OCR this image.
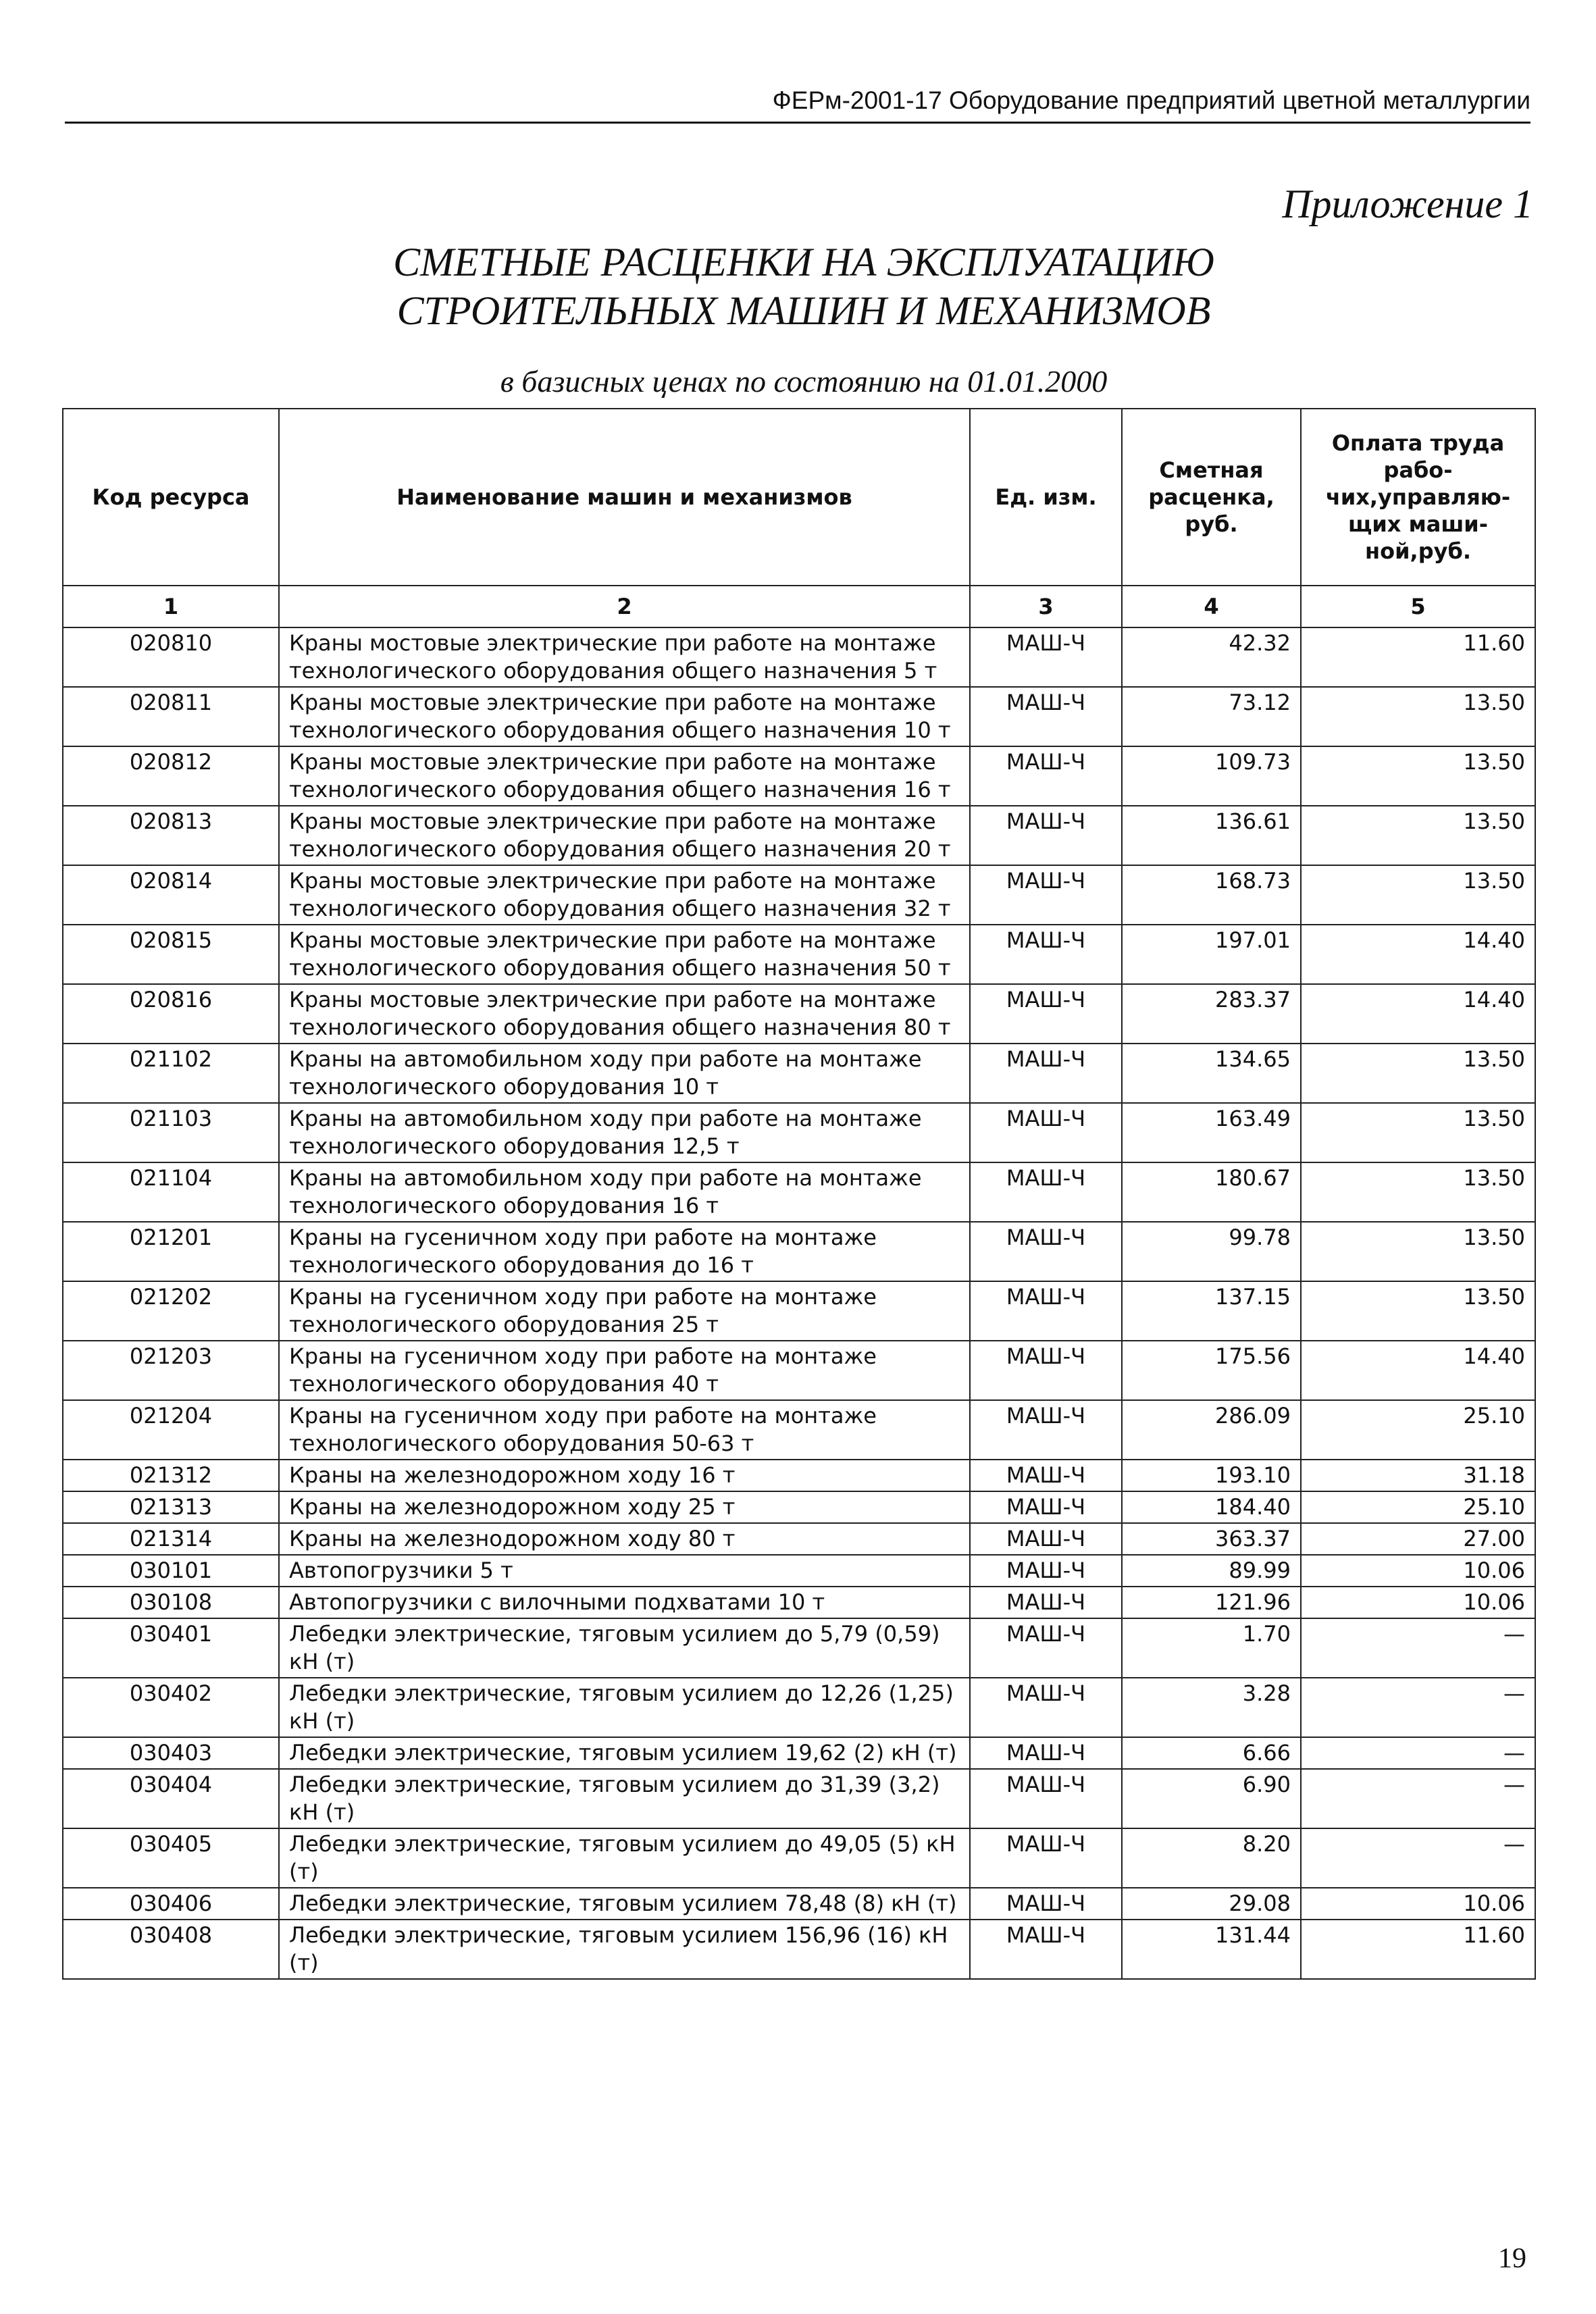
ФЕРм-2001-17 Оборудование предприятий цветной металлургии
Приложение 1
СМЕТНЫЕ РАСЦЕНКИ НА ЭКСПЛУАТАЦИЮ
СТРОИТЕЛЬНЫХ МАШИН И МЕХАНИЗМОВ
в базисных ценах по состоянию на 01.01.2000
Код ресурса	Наименование машин и механизмов	Ед. изм.	Сметная расценка, руб.	Оплата труда рабо-чих,управляю-щих маши-ной,руб.
1	2	3	4	5
020810	Краны мостовые электрические при работе на монтаже технологического оборудования общего назначения 5 т	МАШ-Ч	42.32	11.60
020811	Краны мостовые электрические при работе на монтаже технологического оборудования общего назначения 10 т	МАШ-Ч	73.12	13.50
020812	Краны мостовые электрические при работе на монтаже технологического оборудования общего назначения 16 т	МАШ-Ч	109.73	13.50
020813	Краны мостовые электрические при работе на монтаже технологического оборудования общего назначения 20 т	МАШ-Ч	136.61	13.50
020814	Краны мостовые электрические при работе на монтаже технологического оборудования общего назначения 32 т	МАШ-Ч	168.73	13.50
020815	Краны мостовые электрические при работе на монтаже технологического оборудования общего назначения 50 т	МАШ-Ч	197.01	14.40
020816	Краны мостовые электрические при работе на монтаже технологического оборудования общего назначения 80 т	МАШ-Ч	283.37	14.40
021102	Краны на автомобильном ходу при работе на монтаже технологического оборудования 10 т	МАШ-Ч	134.65	13.50
021103	Краны на автомобильном ходу при работе на монтаже технологического оборудования 12,5 т	МАШ-Ч	163.49	13.50
021104	Краны на автомобильном ходу при работе на монтаже технологического оборудования 16 т	МАШ-Ч	180.67	13.50
021201	Краны на гусеничном ходу при работе на монтаже технологического оборудования до 16 т	МАШ-Ч	99.78	13.50
021202	Краны на гусеничном ходу при работе на монтаже технологического оборудования 25 т	МАШ-Ч	137.15	13.50
021203	Краны на гусеничном ходу при работе на монтаже технологического оборудования 40 т	МАШ-Ч	175.56	14.40
021204	Краны на гусеничном ходу при работе на монтаже технологического оборудования 50-63 т	МАШ-Ч	286.09	25.10
021312	Краны на железнодорожном ходу 16 т	МАШ-Ч	193.10	31.18
021313	Краны на железнодорожном ходу 25 т	МАШ-Ч	184.40	25.10
021314	Краны на железнодорожном ходу 80 т	МАШ-Ч	363.37	27.00
030101	Автопогрузчики 5 т	МАШ-Ч	89.99	10.06
030108	Автопогрузчики с вилочными подхватами 10 т	МАШ-Ч	121.96	10.06
030401	Лебедки электрические, тяговым усилием до 5,79 (0,59) кН (т)	МАШ-Ч	1.70	—
030402	Лебедки электрические, тяговым усилием до 12,26 (1,25) кН (т)	МАШ-Ч	3.28	—
030403	Лебедки электрические, тяговым усилием 19,62 (2) кН (т)	МАШ-Ч	6.66	—
030404	Лебедки электрические, тяговым усилием до 31,39 (3,2) кН (т)	МАШ-Ч	6.90	—
030405	Лебедки электрические, тяговым усилием до 49,05 (5) кН (т)	МАШ-Ч	8.20	—
030406	Лебедки электрические, тяговым усилием 78,48 (8) кН (т)	МАШ-Ч	29.08	10.06
030408	Лебедки электрические, тяговым усилием 156,96 (16) кН (т)	МАШ-Ч	131.44	11.60
19
